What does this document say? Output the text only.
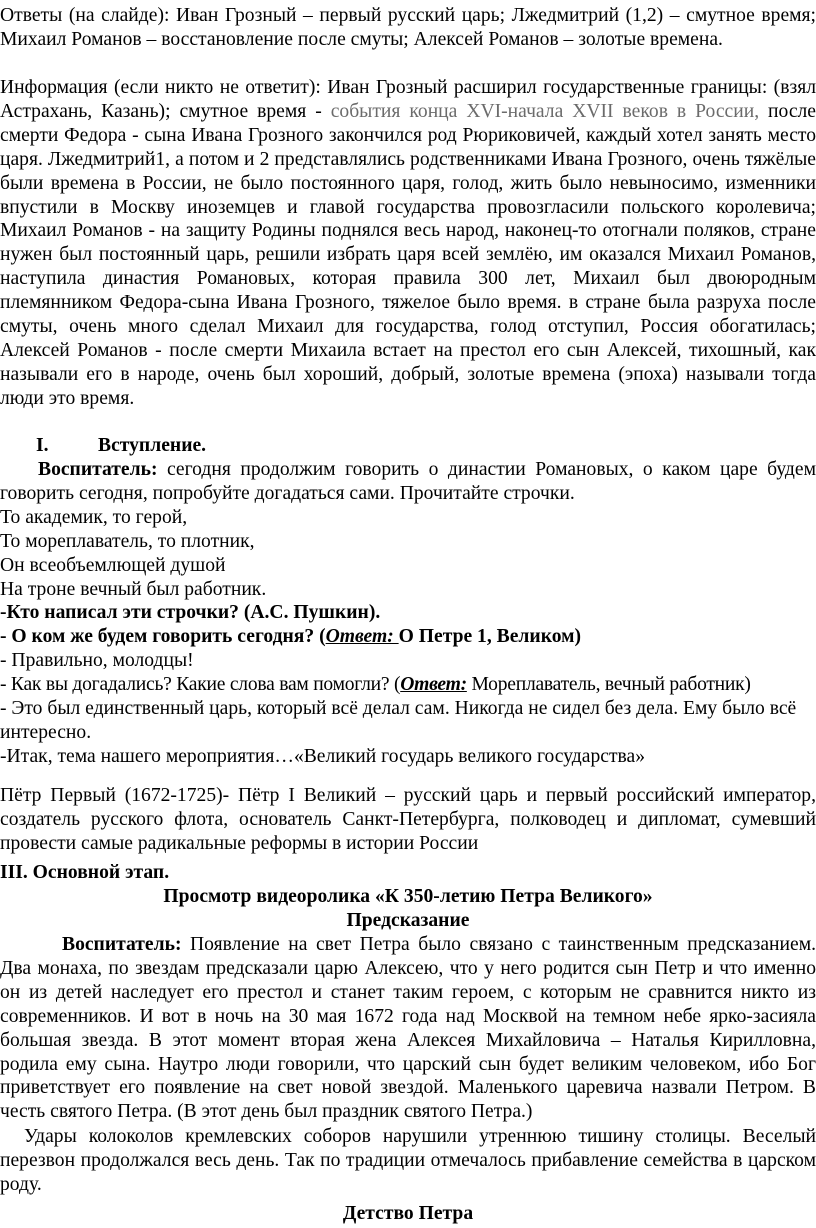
Ответы (на слайде): Иван Грозный – первый русский царь; Лжедмитрий (1,2) – смутное время; Михаил Романов – восстановление после смуты; Алексей Романов – золотые времена.

Информация (если никто не ответит): Иван Грозный расширил государственные границы: (взял Астрахань, Казань); смутное время - события конца XVI-начала XVII веков в России, после смерти Федора - сына Ивана Грозного закончился род Рюриковичей, каждый хотел занять место царя. Лжедмитрий1, а потом и 2 представлялись родственниками Ивана Грозного, очень тяжёлые были времена в России, не было постоянного царя, голод, жить было невыносимо, изменники впустили в Москву иноземцев и главой государства провозгласили польского королевича; Михаил Романов - на защиту Родины поднялся весь народ, наконец-то отогнали поляков, стране нужен был постоянный царь, решили избрать царя всей землёю, им оказался Михаил Романов, наступила династия Романовых, которая правила 300 лет, Михаил был двоюродным племянником Федора-сына Ивана Грозного, тяжелое было время. в стране была разруха после смуты, очень много сделал Михаил для государства, голод отступил, Россия обогатилась; Алексей Романов - после смерти Михаила встает на престол его сын Алексей, тихошный, как называли его в народе, очень был хороший, добрый, золотые времена (эпоха) называли тогда люди это время.

I.	Вступление.

Воспитатель: сегодня продолжим говорить о династии Романовых, о каком царе будем говорить сегодня, попробуйте догадаться сами. Прочитайте строчки.

То академик, то герой,

То мореплаватель, то плотник,

Он всеобъемлющей душой

На троне вечный был работник.

-Кто написал эти строчки? (А.С. Пушкин).

- О ком же будем говорить сегодня? (Ответ: О Петре 1, Великом)

- Правильно, молодцы!

- Как вы догадались? Какие слова вам помогли? (Ответ: Мореплаватель, вечный работник)

- Это был единственный царь, который всё делал сам. Никогда не сидел без дела. Ему было всё интересно.

-Итак, тема нашего мероприятия…«Великий государь великого государства»

Пётр Первый (1672-1725)- Пётр I Великий – русский царь и первый российский император, создатель русского флота, основатель Санкт-Петербурга, полководец и дипломат, сумевший провести самые радикальные реформы в истории России

III. Основной этап.

Просмотр видеоролика «К 350-летию Петра Великого»

Предсказание

Воспитатель: Появление на свет Петра было связано с таинственным предсказанием. Два монаха, по звездам предсказали царю Алексею, что у него родится сын Петр и что именно он из детей наследует его престол и станет таким героем, с которым не сравнится никто из современников. И вот в ночь на 30 мая 1672 года над Москвой на темном небе ярко-засияла большая звезда. В этот момент вторая жена Алексея Михайловича – Наталья Кирилловна, родила ему сына. Наутро люди говорили, что царский сын будет великим человеком, ибо Бог приветствует его появление на свет новой звездой. Маленького царевича назвали Петром. В честь святого Петра. (В этот день был праздник святого Петра.)

Удары колоколов кремлевских соборов нарушили утреннюю тишину столицы. Веселый перезвон продолжался весь день. Так по традиции отмечалось прибавление семейства в царском роду.

Детство Петра
